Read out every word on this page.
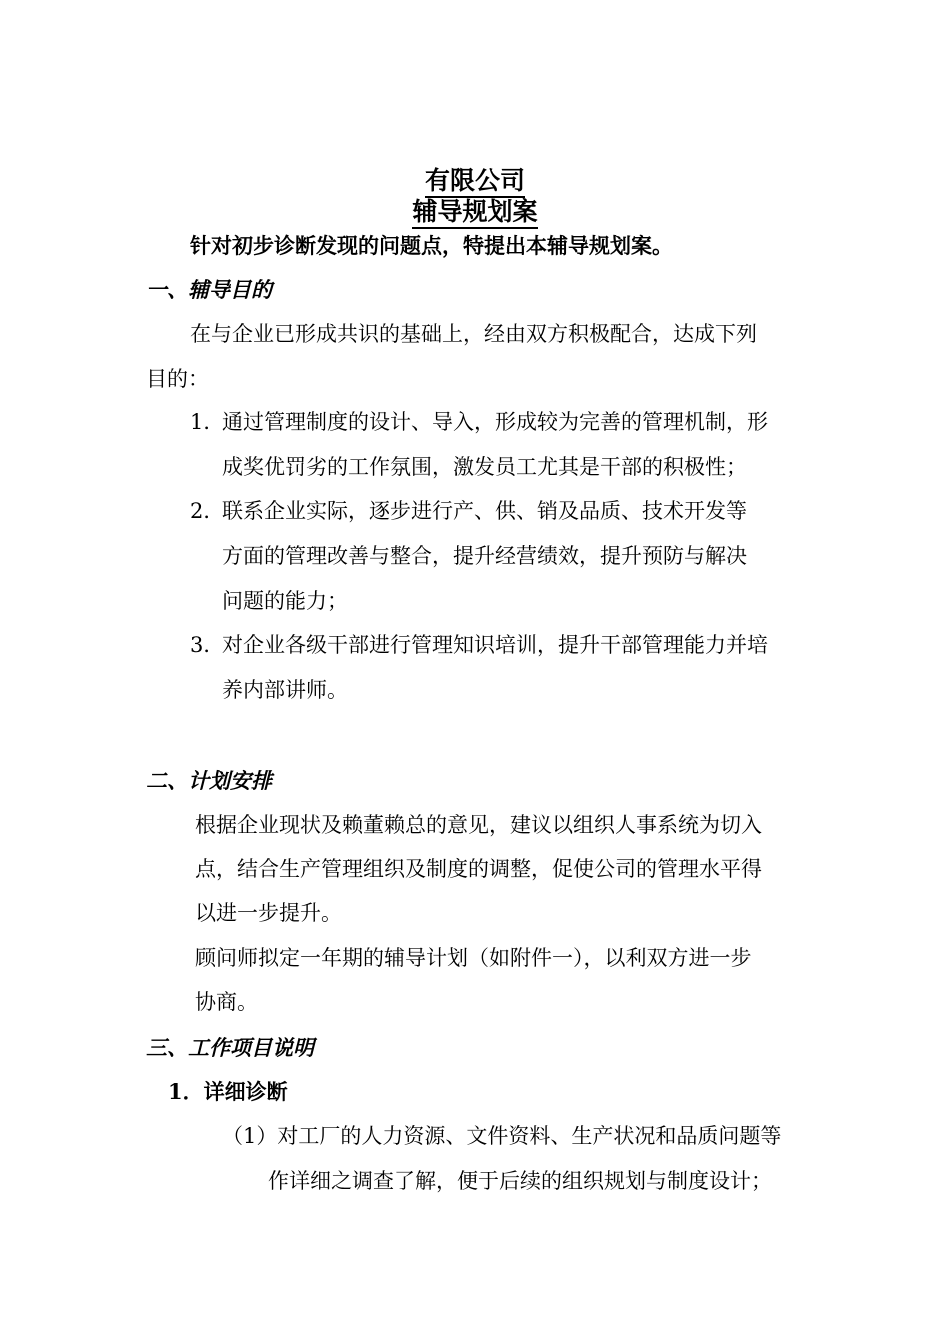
有限公司
辅导规划案
针对初步诊断发现的问题点，特提出本辅导规划案。
一、辅导目的
在与企业已形成共识的基础上，经由双方积极配合，达成下列
目的：
1．通过管理制度的设计、导入，形成较为完善的管理机制，形
成奖优罚劣的工作氛围，激发员工尤其是干部的积极性；
2．联系企业实际，逐步进行产、供、销及品质、技术开发等
方面的管理改善与整合，提升经营绩效，提升预防与解决
问题的能力；
3．对企业各级干部进行管理知识培训，提升干部管理能力并培
养内部讲师。
二、计划安排
根据企业现状及赖董赖总的意见，建议以组织人事系统为切入
点，结合生产管理组织及制度的调整，促使公司的管理水平得
以进一步提升。
顾问师拟定一年期的辅导计划（如附件一），以利双方进一步
协商。
三、工作项目说明
1．详细诊断
（1）对工厂的人力资源、文件资料、生产状况和品质问题等
作详细之调查了解，便于后续的组织规划与制度设计；
